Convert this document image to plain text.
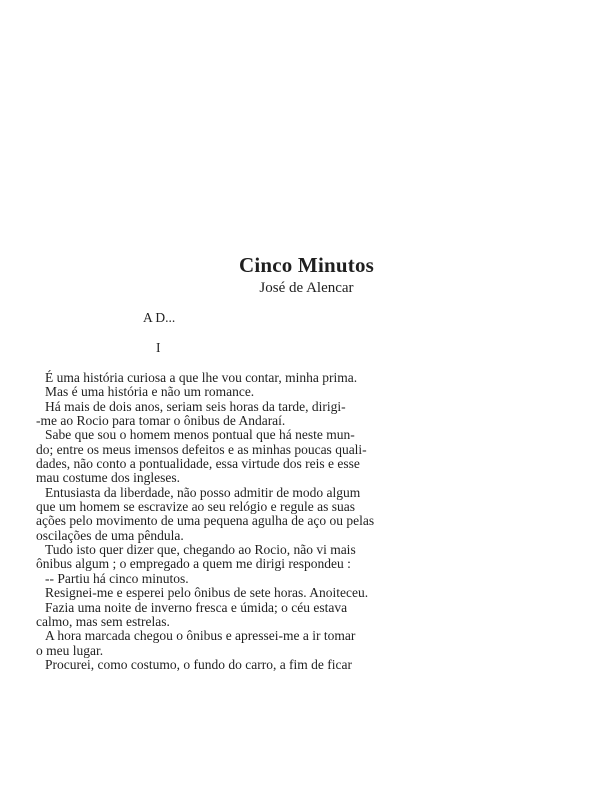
Cinco Minutos
José de Alencar
A D...
I
É uma história curiosa a que lhe vou contar, minha prima.
Mas é uma história e não um romance.
Há mais de dois anos, seriam seis horas da tarde, dirigi-
-me ao Rocio para tomar o ônibus de Andaraí.
Sabe que sou o homem menos pontual que há neste mun-
do; entre os meus imensos defeitos e as minhas poucas quali-
dades, não conto a pontualidade, essa virtude dos reis e esse
mau costume dos ingleses.
Entusiasta da liberdade, não posso admitir de modo algum
que um homem se escravize ao seu relógio e regule as suas
ações pelo movimento de uma pequena agulha de aço ou pelas
oscilações de uma pêndula.
Tudo isto quer dizer que, chegando ao Rocio, não vi mais
ônibus algum ; o empregado a quem me dirigi respondeu :
-- Partiu há cinco minutos.
Resignei-me e esperei pelo ônibus de sete horas. Anoiteceu.
Fazia uma noite de inverno fresca e úmida; o céu estava
calmo, mas sem estrelas.
A hora marcada chegou o ônibus e apressei-me a ir tomar
o meu lugar.
Procurei, como costumo, o fundo do carro, a fim de ficar
